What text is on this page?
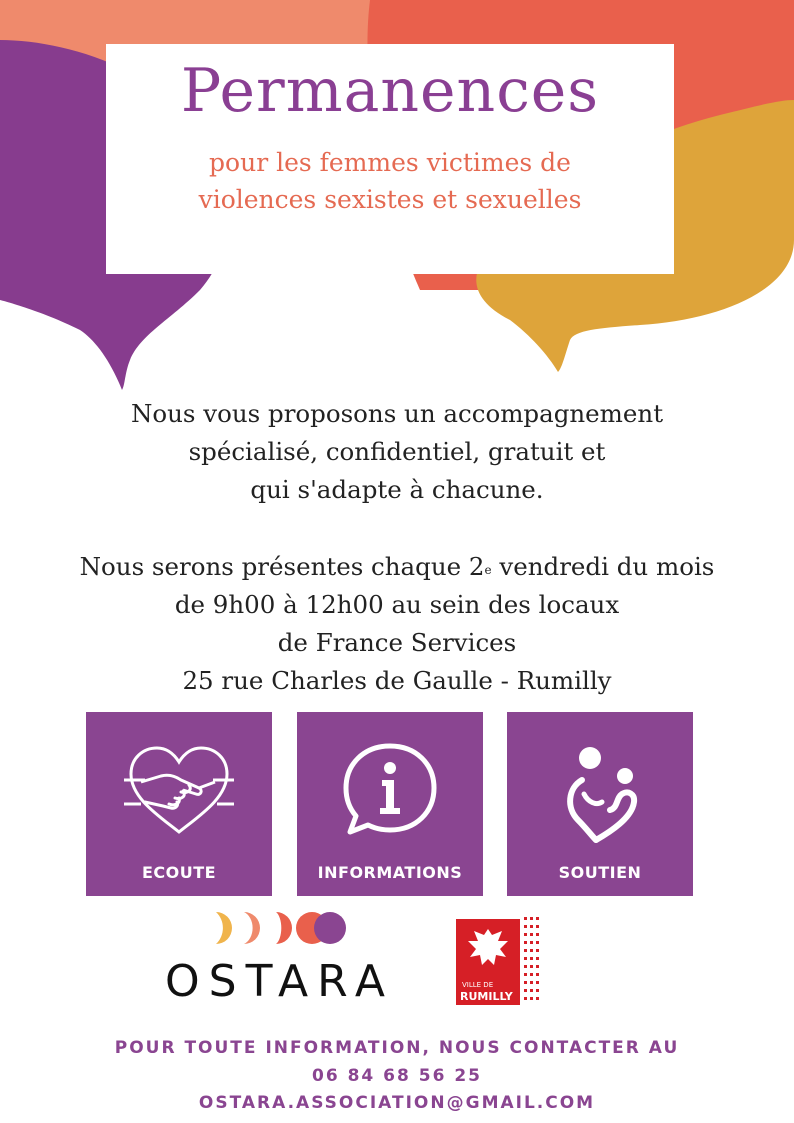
Permanences
pour les femmes victimes de
violences sexistes et sexuelles
Nous vous proposons un accompagnement
spécialisé, confidentiel, gratuit et
qui s'adapte à chacune.
Nous serons présentes chaque 2e vendredi du mois
de 9h00 à 12h00 au sein des locaux
de France Services
25 rue Charles de Gaulle - Rumilly
ECOUTE	INFORMATIONS	SOUTIEN
OSTARA	VILLE DE
RUMILLY
POUR TOUTE INFORMATION, NOUS CONTACTER AU
06 84 68 56 25
OSTARA.ASSOCIATION@GMAIL.COM
